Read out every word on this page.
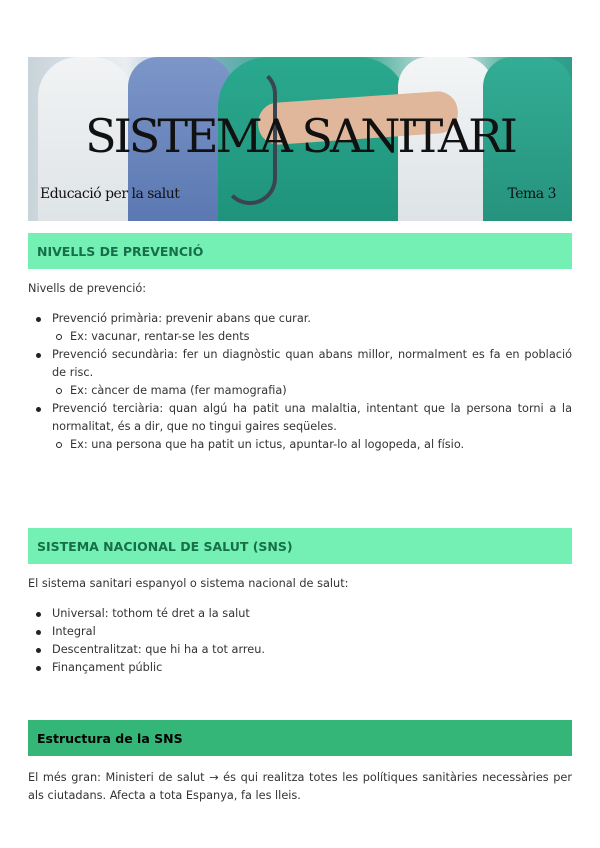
SISTEMA SANITARI
Educació per la salut	Tema 3
NIVELLS DE PREVENCIÓ

Nivells de prevenció:

Prevenció primària: prevenir abans que curar.
Ex: vacunar, rentar-se les dents
Prevenció secundària: fer un diagnòstic quan abans millor, normalment es fa en població de risc.
Ex: càncer de mama (fer mamografia)
Prevenció terciària: quan algú ha patit una malaltia, intentant que la persona torni a la normalitat, és a dir, que no tingui gaires seqüeles.
Ex: una persona que ha patit un ictus, apuntar-lo al logopeda, al físio.
SISTEMA NACIONAL DE SALUT (SNS)

El sistema sanitari espanyol o sistema nacional de salut:

Universal: tothom té dret a la salut
Integral
Descentralitzat: que hi ha a tot arreu.
Finançament públic
Estructura de la SNS

El més gran: Ministeri de salut → és qui realitza totes les polítiques sanitàries necessàries per als ciutadans. Afecta a tota Espanya, fa les lleis.
